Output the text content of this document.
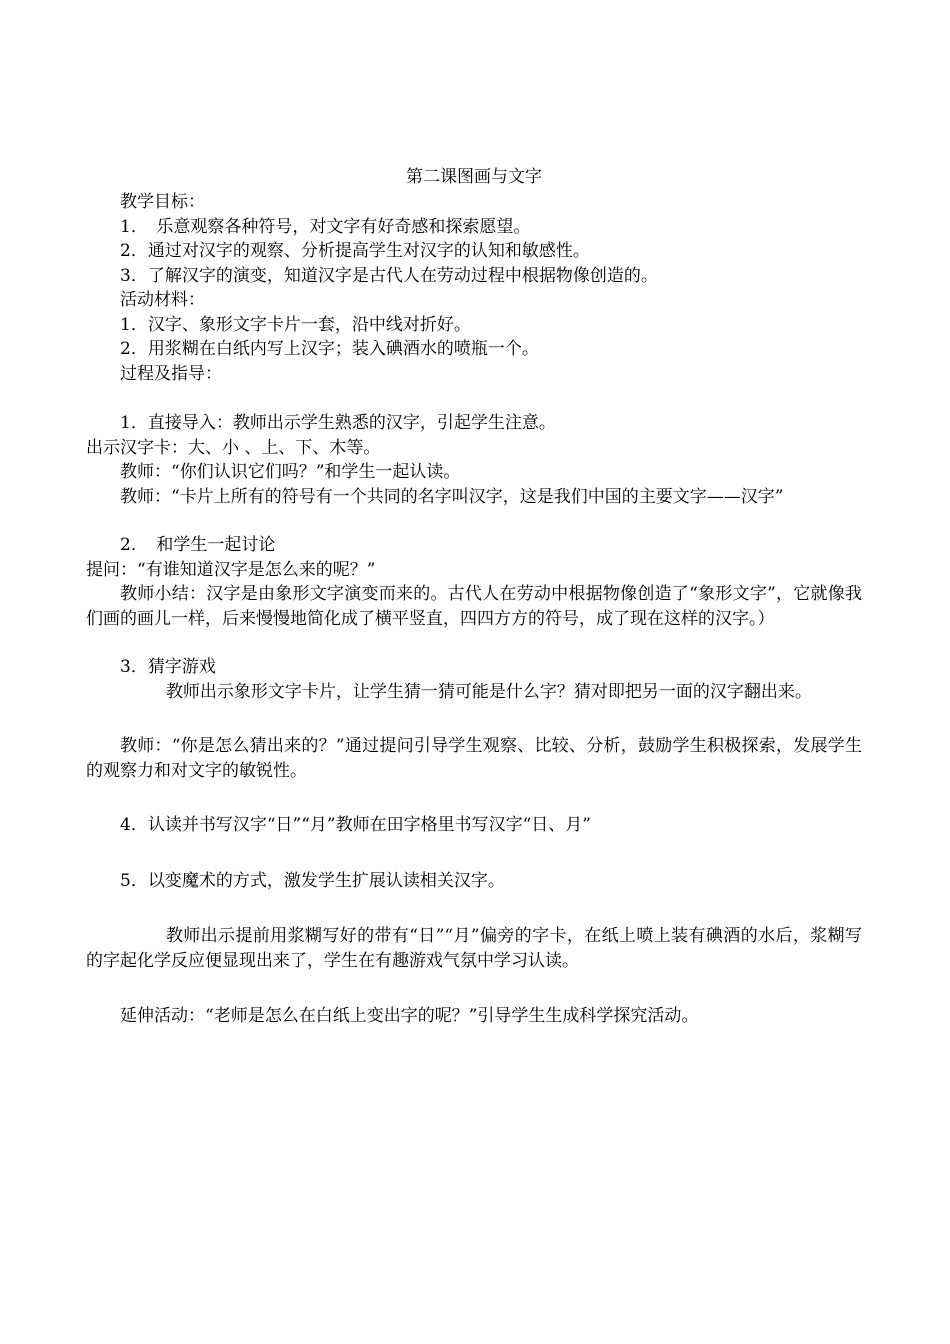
第二课图画与文字

教学目标：

1．　乐意观察各种符号，对文字有好奇感和探索愿望。

2．通过对汉字的观察、分析提高学生对汉字的认知和敏感性。

3．了解汉字的演变，知道汉字是古代人在劳动过程中根据物像创造的。

活动材料：

1．汉字、象形文字卡片一套，沿中线对折好。

2．用浆糊在白纸内写上汉字；装入碘酒水的喷瓶一个。

过程及指导：

1．直接导入：教师出示学生熟悉的汉字，引起学生注意。

出示汉字卡：大、小 、上、下、木等。

教师：“你们认识它们吗？”和学生一起认读。

教师：“卡片上所有的符号有一个共同的名字叫汉字，这是我们中国的主要文字——汉字”

2．　和学生一起讨论

提问：“有谁知道汉字是怎么来的呢？”

教师小结：汉字是由象形文字演变而来的。古代人在劳动中根据物像创造了“象形文字”，它就像我们画的画儿一样，后来慢慢地简化成了横平竖直，四四方方的符号，成了现在这样的汉字。）

3．猜字游戏

教师出示象形文字卡片，让学生猜一猜可能是什么字？猜对即把另一面的汉字翻出来。

教师：“你是怎么猜出来的？”通过提问引导学生观察、比较、分析，鼓励学生积极探索，发展学生的观察力和对文字的敏锐性。

4．认读并书写汉字“日”“月”教师在田字格里书写汉字“日、月”

5．以变魔术的方式，激发学生扩展认读相关汉字。

教师出示提前用浆糊写好的带有“日”“月”偏旁的字卡，在纸上喷上装有碘酒的水后，浆糊写的字起化学反应便显现出来了，学生在有趣游戏气氛中学习认读。

延伸活动：“老师是怎么在白纸上变出字的呢？”引导学生生成科学探究活动。
